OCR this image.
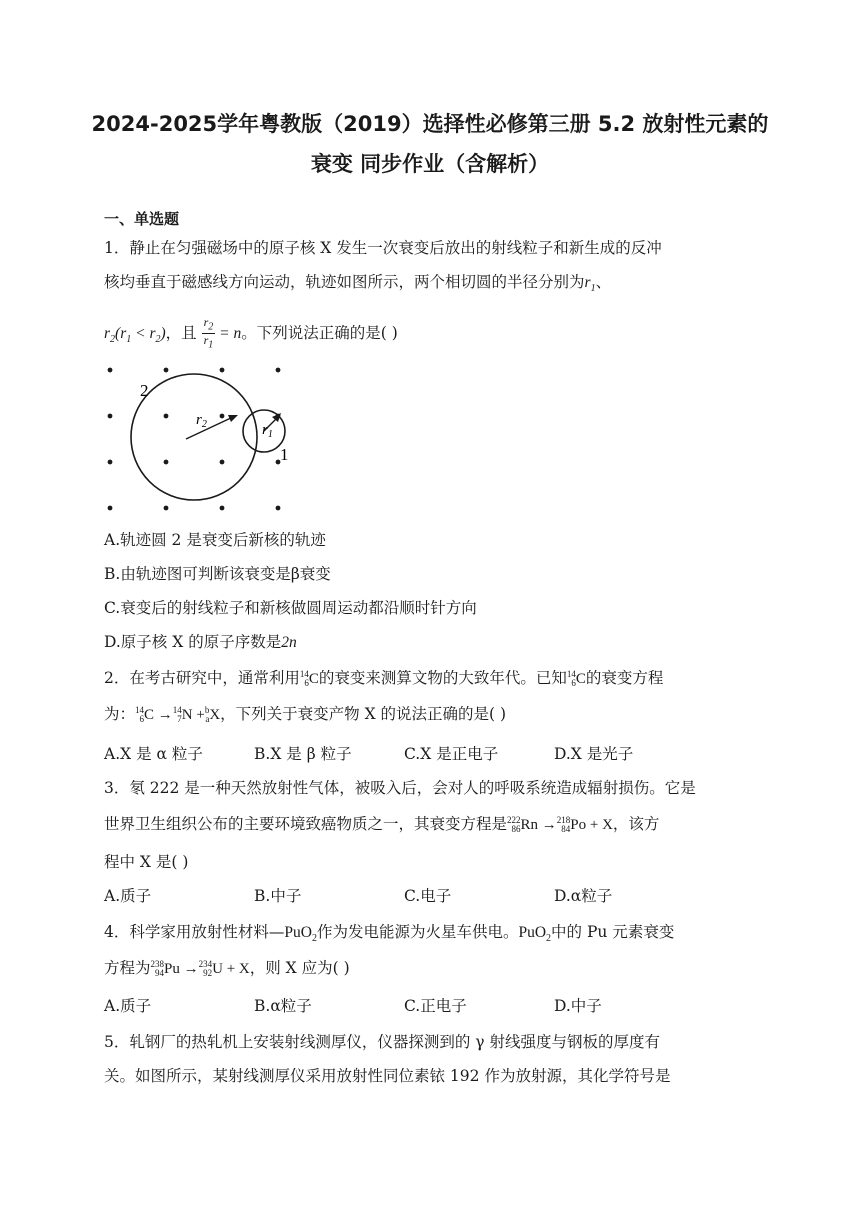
2024-2025学年粤教版（2019）选择性必修第三册 5.2 放射性元素的
衰变 同步作业（含解析）
一、单选题
1．静止在匀强磁场中的原子核 X 发生一次衰变后放出的射线粒子和新生成的反冲
核均垂直于磁感线方向运动，轨迹如图所示，两个相切圆的半径分别为$r_1$、
$r_2(r_1 < r_2)$，且 $\frac{r_2}{r_1} = n$。下列说法正确的是( )
2
1
$r_2$	$r_1$
A.轨迹圆 2 是衰变后新核的轨迹
B.由轨迹图可判断该衰变是β衰变
C.衰变后的射线粒子和新核做圆周运动都沿顺时针方向
D.原子核 X 的原子序数是2n
2．在考古研究中，通常利用 14
6 C的衰变来测算文物的大致年代。已知 14
6 C的衰变方程
为： 14
6 C → 14
7 N + b
a X，下列关于衰变产物 X 的说法正确的是( )
A.X 是 α 粒子	B.X 是 β 粒子	C.X 是正电子	D.X 是光子
3．氡 222 是一种天然放射性气体，被吸入后，会对人的呼吸系统造成辐射损伤。它是
世界卫生组织公布的主要环境致癌物质之一，其衰变方程是 222
86 Rn → 218
84 Po + X，该方
程中 X 是( )
A.质子	B.中子	C.电子	D.α粒子
4．科学家用放射性材料—PuO$_2$作为发电能源为火星车供电。PuO$_2$中的 Pu 元素衰变
方程为 238
94 Pu → 234
92 U + X，则 X 应为( )
A.质子	B.α粒子	C.正电子	D.中子
5．轧钢厂的热轧机上安装射线测厚仪，仪器探测到的 γ 射线强度与钢板的厚度有
关。如图所示，某射线测厚仪采用放射性同位素铱 192 作为放射源，其化学符号是
